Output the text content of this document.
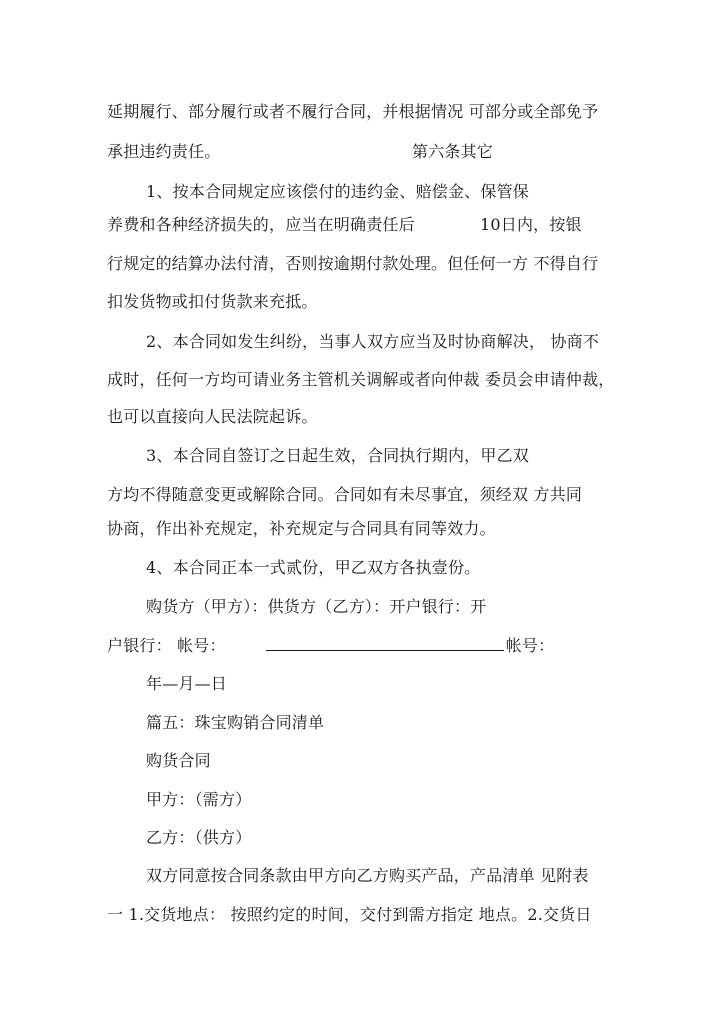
延期履行、部分履行或者不履行合同，并根据情况 可部分或全部免予
承担违约责任。	第六条其它
1、按本合同规定应该偿付的违约金、赔偿金、保管保
养费和各种经济损失的，应当在明确责任后	10日内，按银
行规定的结算办法付清，否则按逾期付款处理。但任何一方 不得自行
扣发货物或扣付货款来充抵。
2、本合同如发生纠纷，当事人双方应当及时协商解决， 协商不
成时，任何一方均可请业务主管机关调解或者向仲裁 委员会申请仲裁，
也可以直接向人民法院起诉。
3、本合同自签订之日起生效，合同执行期内，甲乙双
方均不得随意变更或解除合同。合同如有未尽事宜，须经双 方共同
协商，作出补充规定，补充规定与合同具有同等效力。
4、本合同正本一式贰份，甲乙双方各执壹份。
购货方（甲方）：供货方（乙方）：开户银行：开
户银行： 帐号：	帐号：
年—月—日
篇五：珠宝购销合同清单
购货合同
甲方：（需方）
乙方：（供方）
双方同意按合同条款由甲方向乙方购买产品，产品清单 见附表
一 1.交货地点： 按照约定的时间，交付到需方指定 地点。2.交货日
